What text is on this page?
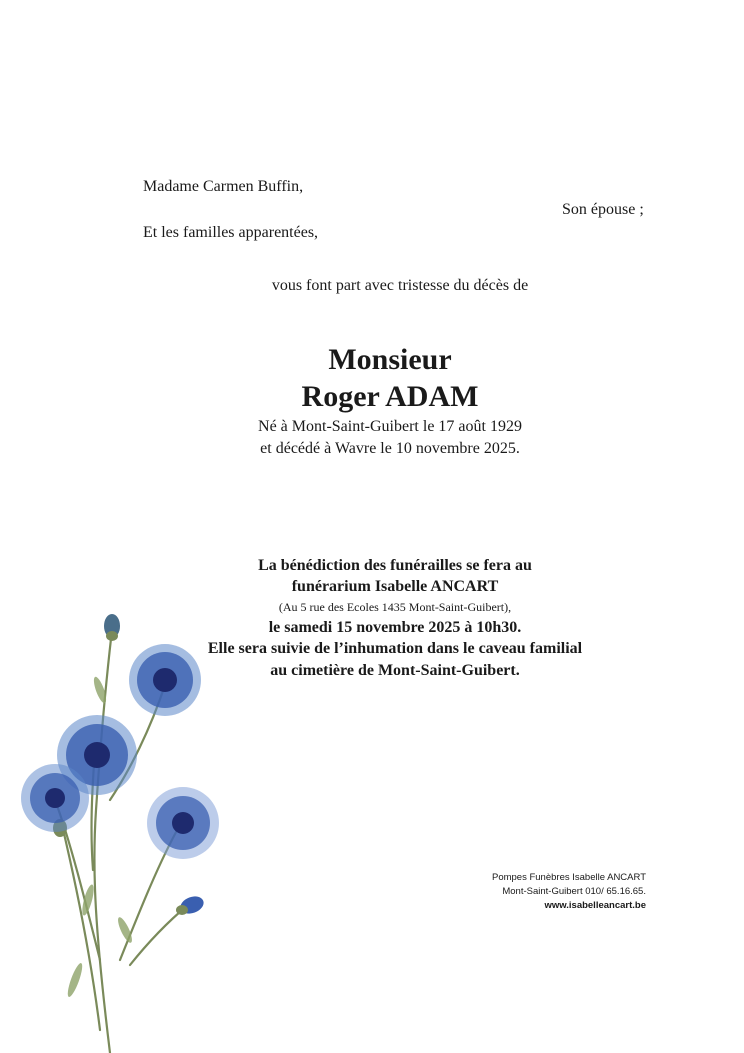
Madame Carmen Buffin,
Son épouse ;
Et les familles apparentées,
vous font part avec tristesse du décès de
Monsieur
Roger ADAM
Né à Mont-Saint-Guibert le 17 août 1929
et décédé à Wavre le 10 novembre 2025.
La bénédiction des funérailles se fera au
funérarium Isabelle ANCART
(Au 5 rue des Ecoles 1435 Mont-Saint-Guibert),
le samedi 15 novembre 2025 à 10h30.
Elle sera suivie de l’inhumation dans le caveau familial
au cimetière de Mont-Saint-Guibert.
Pompes Funèbres Isabelle ANCART
Mont-Saint-Guibert 010/ 65.16.65.
www.isabelleancart.be
